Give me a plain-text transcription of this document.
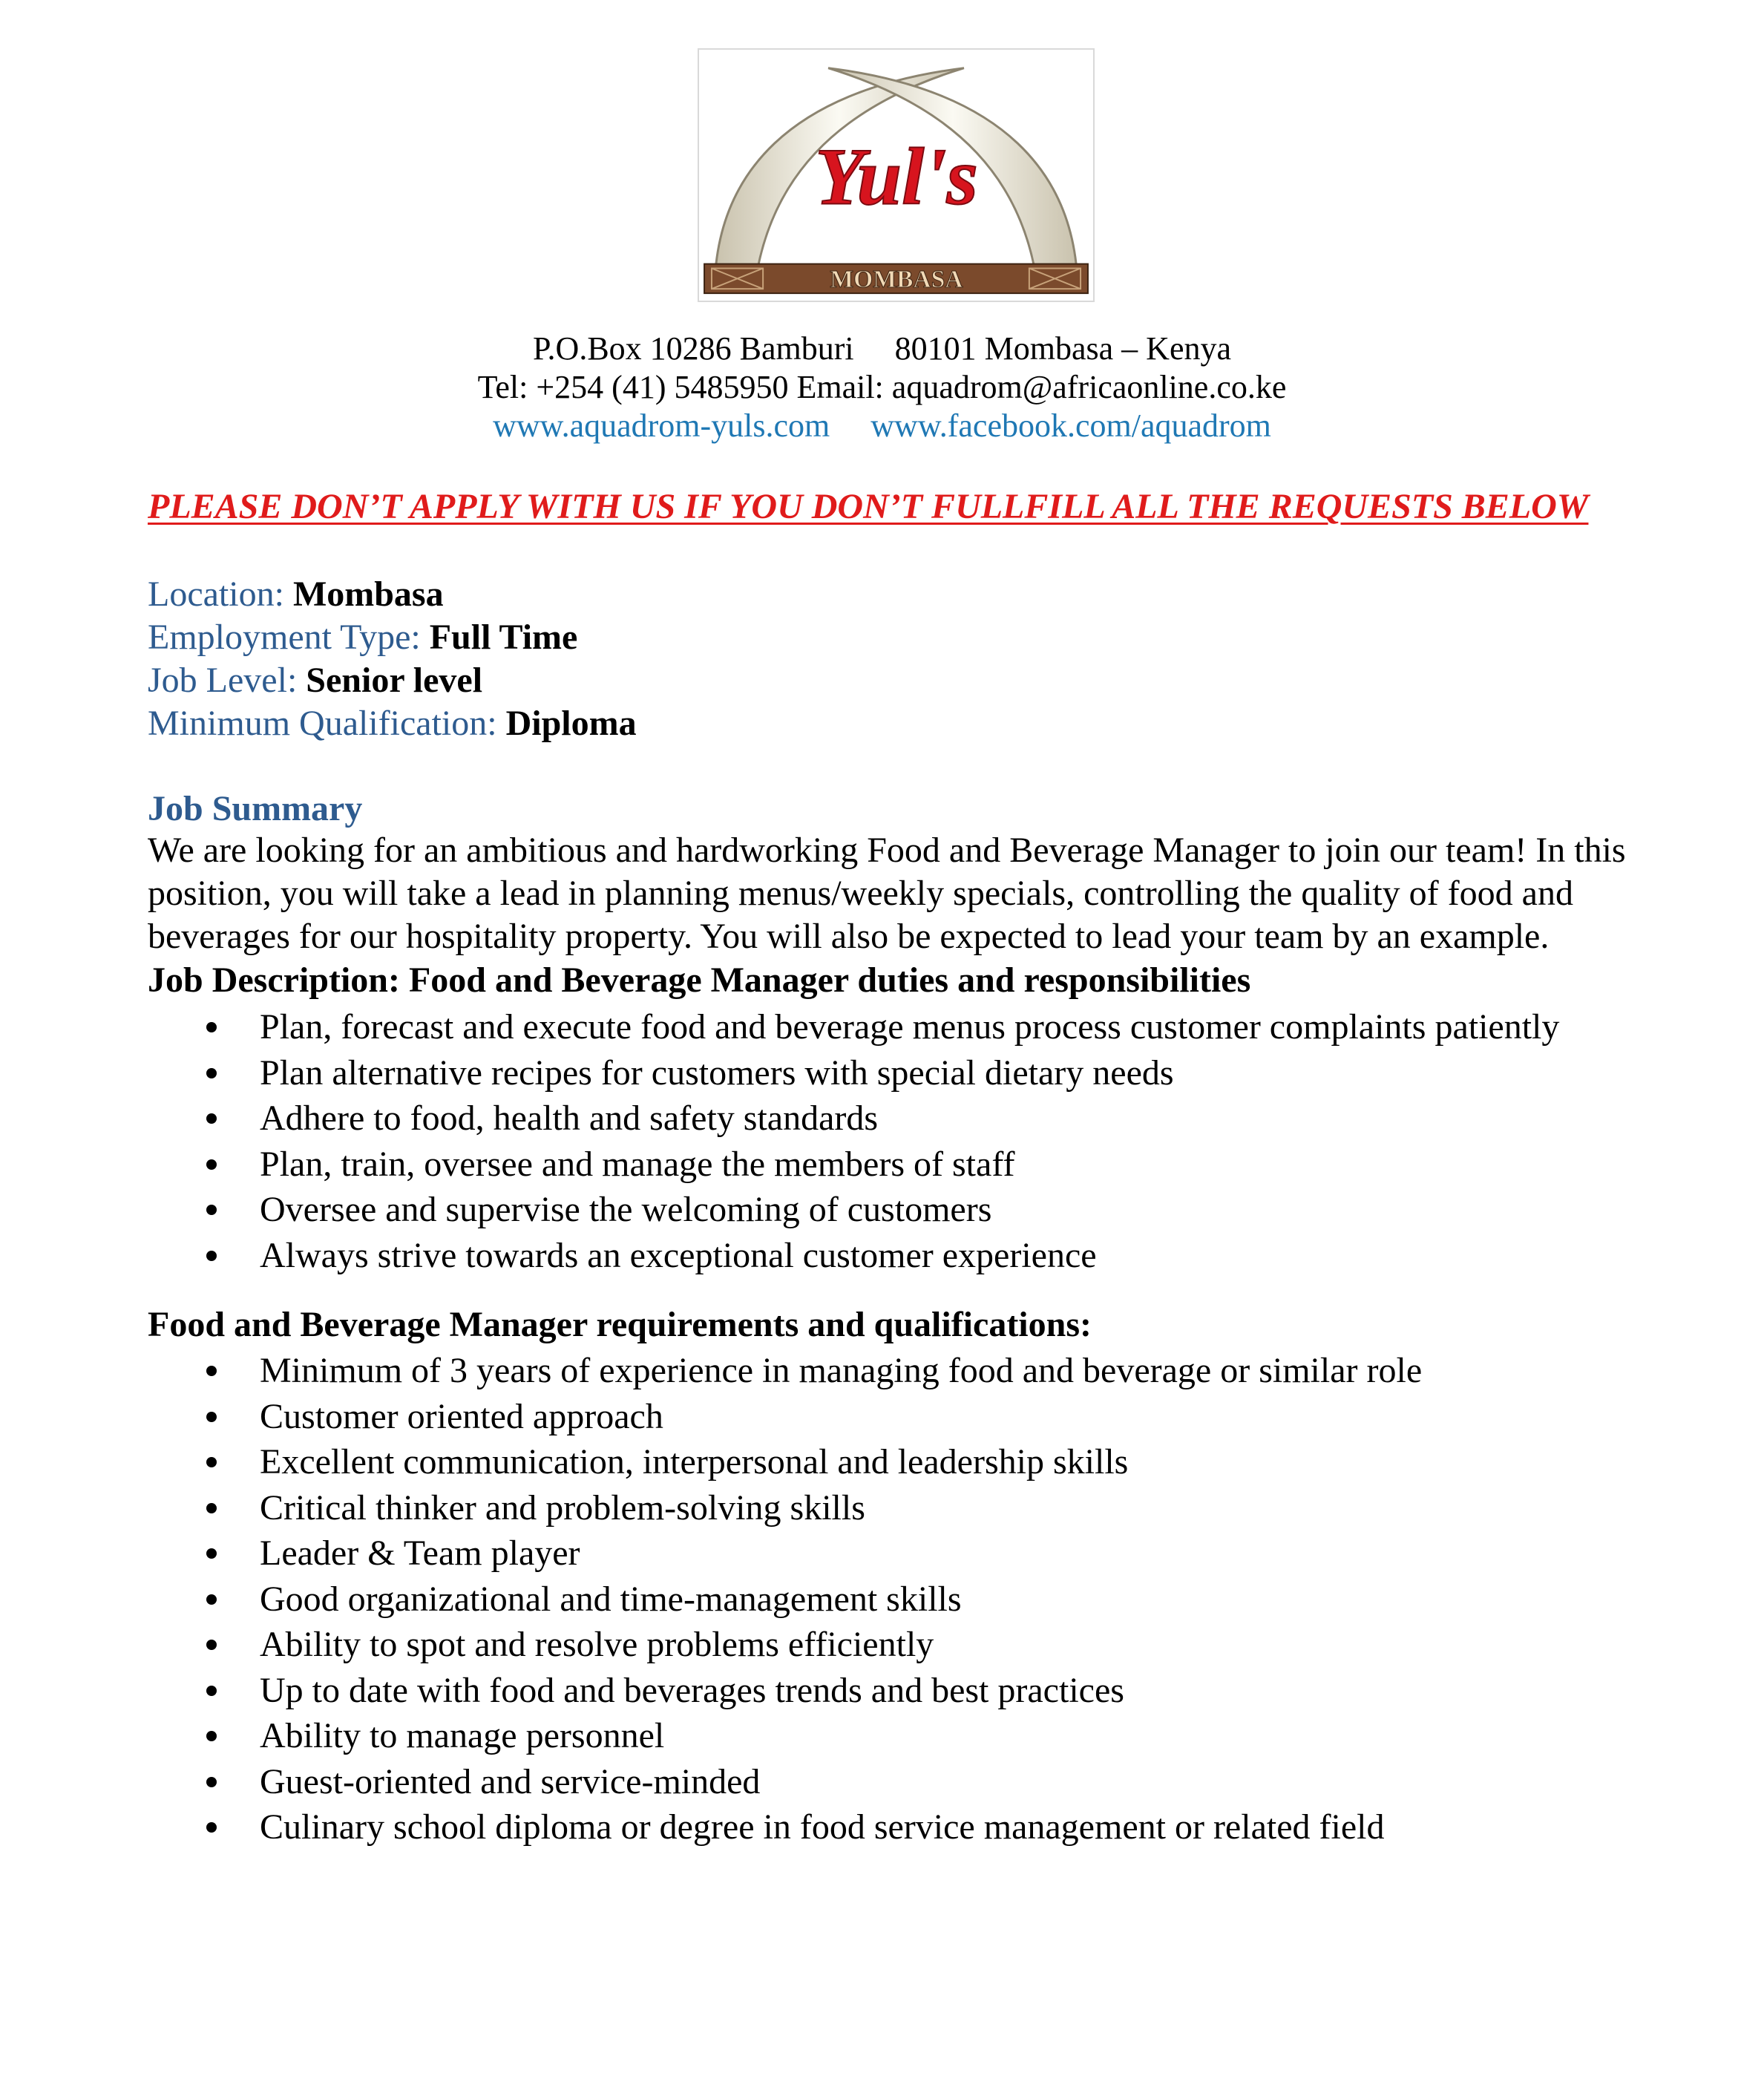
Yul's
MOMBASA
P.O.Box 10286 Bamburi 80101 Mombasa – Kenya
Tel: +254 (41) 5485950 Email: aquadrom@africaonline.co.ke
www.aquadrom-yuls.com www.facebook.com/aquadrom
PLEASE DON’T APPLY WITH US IF YOU DON’T FULLFILL ALL THE REQUESTS BELOW
Location: Mombasa
Employment Type: Full Time
Job Level: Senior level
Minimum Qualification: Diploma
Job Summary
We are looking for an ambitious and hardworking Food and Beverage Manager to join our team! In this
position, you will take a lead in planning menus/weekly specials, controlling the quality of food and
beverages for our hospitality property. You will also be expected to lead your team by an example.
Job Description: Food and Beverage Manager duties and responsibilities
Plan, forecast and execute food and beverage menus process customer complaints patiently
Plan alternative recipes for customers with special dietary needs
Adhere to food, health and safety standards
Plan, train, oversee and manage the members of staff
Oversee and supervise the welcoming of customers
Always strive towards an exceptional customer experience
Food and Beverage Manager requirements and qualifications:
Minimum of 3 years of experience in managing food and beverage or similar role
Customer oriented approach
Excellent communication, interpersonal and leadership skills
Critical thinker and problem-solving skills
Leader & Team player
Good organizational and time-management skills
Ability to spot and resolve problems efficiently
Up to date with food and beverages trends and best practices
Ability to manage personnel
Guest-oriented and service-minded
Culinary school diploma or degree in food service management or related field
